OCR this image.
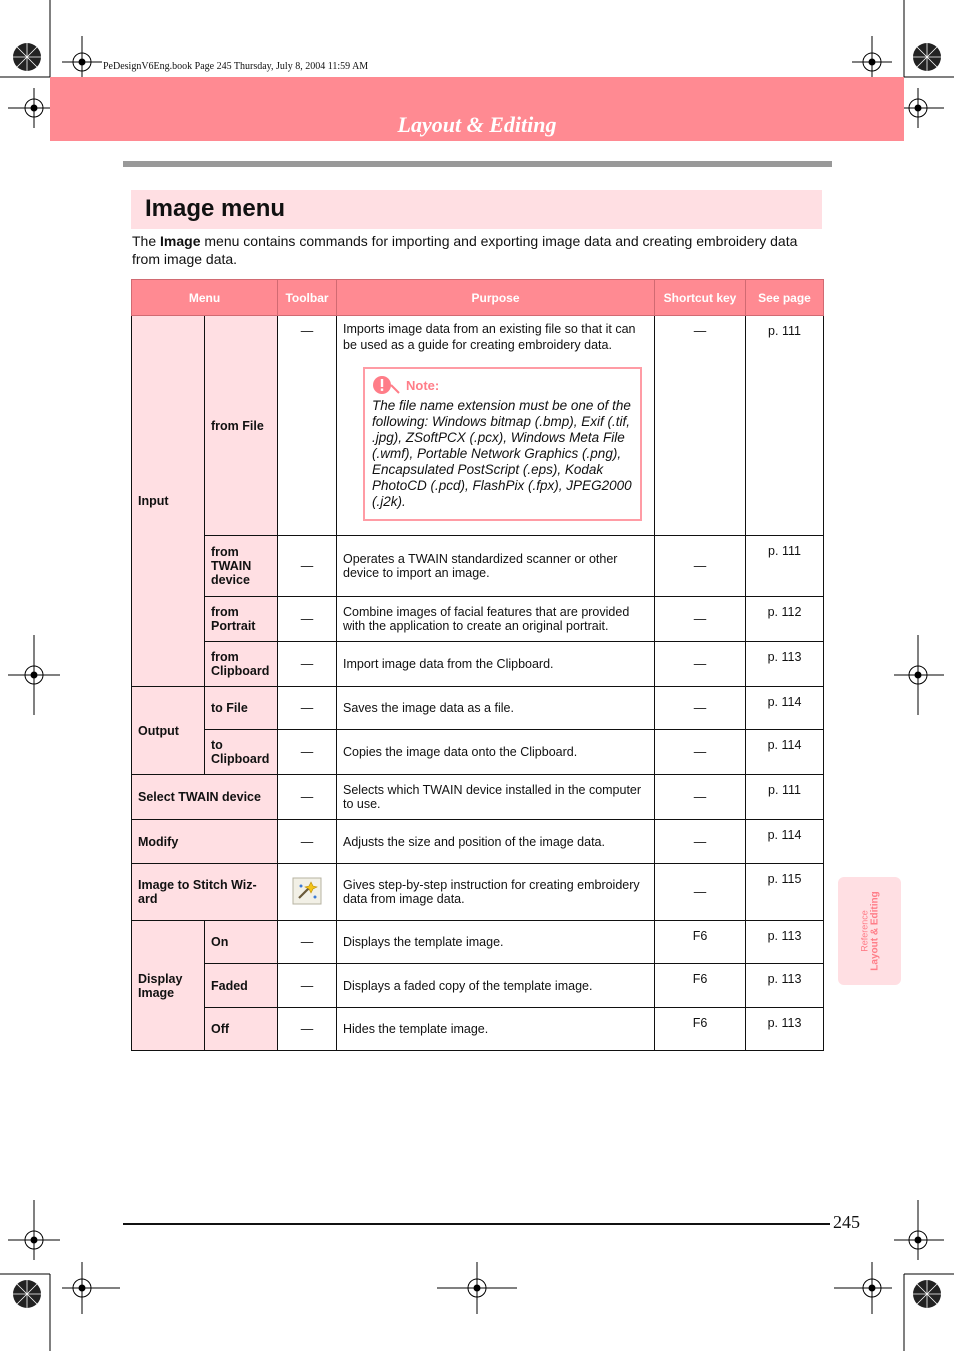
PeDesignV6Eng.book Page 245 Thursday, July 8, 2004 11:59 AM
Layout & Editing
Image menu
The Image menu contains commands for importing and exporting image data and creating embroidery data from image data.
Menu		Toolbar	Purpose	Shortcut key	See page
Input	from File	—	Imports image data from an existing file so that it can be used as a guide for creating embroidery data.
Note:
The file name extension must be one of the following: Windows bitmap (.bmp), Exif (.tif, .jpg), ZSoftPCX (.pcx), Windows Meta File (.wmf), Portable Network Graphics (.png), Encapsulated PostScript (.eps), Kodak PhotoCD (.pcd), FlashPix (.fpx), JPEG2000 (.j2k).	—	p. 111
	from TWAIN device	—	Operates a TWAIN standardized scanner or other device to import an image.	—	p. 111
	from Portrait	—	Combine images of facial features that are provided with the application to create an original portrait.	—	p. 112
	from Clipboard	—	Import image data from the Clipboard.	—	p. 113
Output	to File	—	Saves the image data as a file.	—	p. 114
	to Clipboard	—	Copies the image data onto the Clipboard.	—	p. 114
Select TWAIN device		—	Selects which TWAIN device installed in the computer to use.	—	p. 111
Modify		—	Adjusts the size and position of the image data.	—	p. 114
Image to Stitch Wiz-ard			Gives step-by-step instruction for creating embroidery data from image data.	—	p. 115
Display Image	On	—	Displays the template image.	F6	p. 113
	Faded	—	Displays a faded copy of the template image.	F6	p. 113
	Off	—	Hides the template image.	F6	p. 113
Reference Layout & Editing
245
